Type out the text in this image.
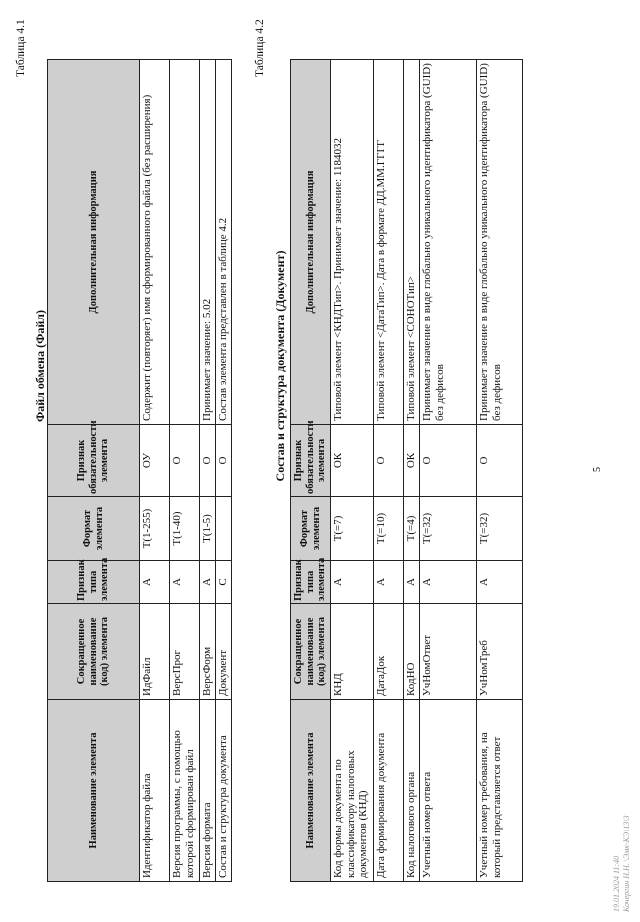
5
Таблица 4.1
Файл обмена (Файл)
Наименование элемента	Сокращенное наименование (код) элемента	Признак типа элемента	Формат элемента	Признак обязательности элемента	Дополнительная информация
Идентификатор файла	ИдФайл	А	Т(1-255)	ОУ	Содержит (повторяет) имя сформированного файла (без расширения)
Версия программы, с помощью которой сформирован файл	ВерсПрог	А	Т(1-40)	О	
Версия формата	ВерсФорм	А	Т(1-5)	О	Принимает значение: 5.02
Состав и структура документа	Документ	С		О	Состав элемента представлен в таблице 4.2
Таблица 4.2
Состав и структура документа (Документ)
Наименование элемента	Сокращенное наименование (код) элемента	Признак типа элемента	Формат элемента	Признак обязательности элемента	Дополнительная информация
Код формы документа по классификатору налоговых документов (КНД)	КНД	А	Т(=7)	ОК	Типовой элемент <КНДТип>. Принимает значение: 1184032
Дата формирования документа	ДатаДок	А	Т(=10)	О	Типовой элемент <ДатаТип>. Дата в формате ДД.ММ.ГГГГ
Код налогового органа	КодНО	А	Т(=4)	ОК	Типовой элемент <СОНОТип>
Учетный номер ответа	УчНомОтвет	А	Т(=32)	О	Принимает значение в виде глобально уникального идентификатора (GUID) без дефисов
Учетный номер требования, на который представляется ответ	УчНомТреб	А	Т(=32)	О	Принимает значение в виде глобально уникального идентификатора (GUID) без дефисов
19.01.2024 11:40 Кочергин Н.Н. \Эмк-КЭ\13\3
